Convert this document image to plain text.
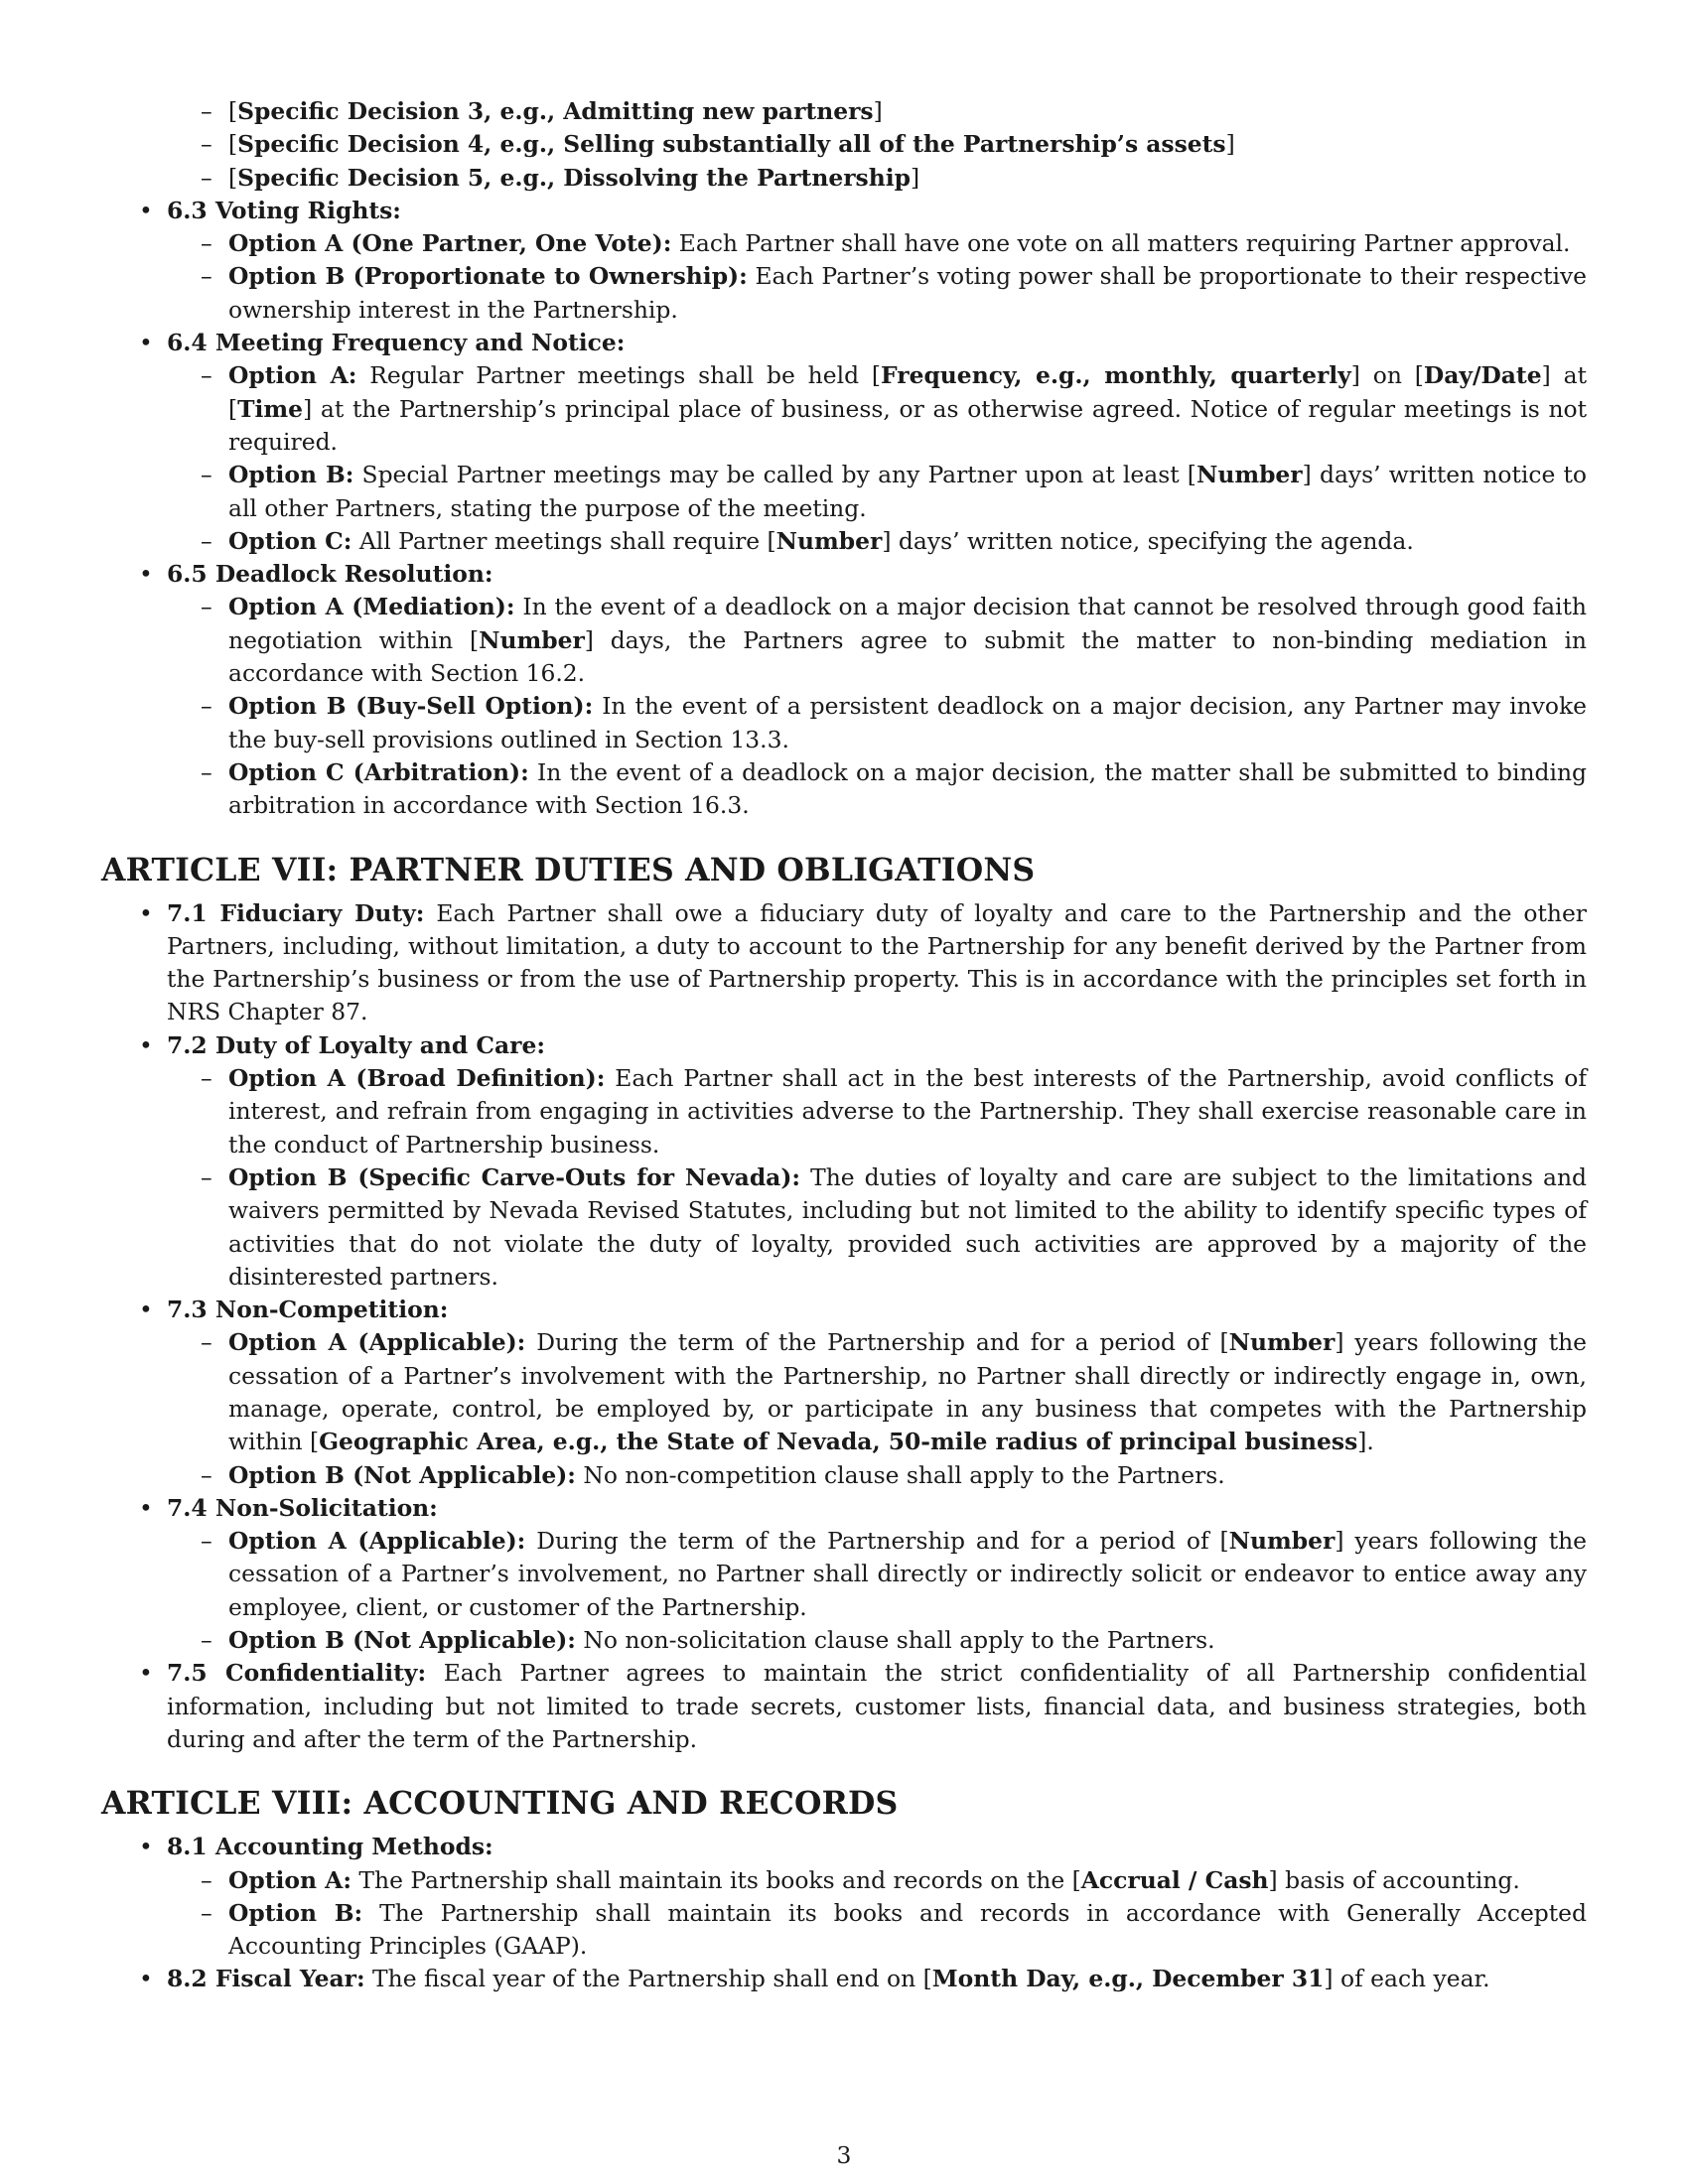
– [Specific Decision 3, e.g., Admitting new partners]
– [Specific Decision 4, e.g., Selling substantially all of the Partnership’s assets]
– [Specific Decision 5, e.g., Dissolving the Partnership]
• 6.3 Voting Rights:
– Option A (One Partner, One Vote): Each Partner shall have one vote on all matters requiring Partner approval.
– Option B (Proportionate to Ownership): Each Partner’s voting power shall be proportionate to their respective ownership interest in the Partnership.
• 6.4 Meeting Frequency and Notice:
– Option A: Regular Partner meetings shall be held [Frequency, e.g., monthly, quarterly] on [Day/Date] at [Time] at the Partnership’s principal place of business, or as otherwise agreed. Notice of regular meetings is not required.
– Option B: Special Partner meetings may be called by any Partner upon at least [Number] days’ written notice to all other Partners, stating the purpose of the meeting.
– Option C: All Partner meetings shall require [Number] days’ written notice, specifying the agenda.
• 6.5 Deadlock Resolution:
– Option A (Mediation): In the event of a deadlock on a major decision that cannot be resolved through good faith negotiation within [Number] days, the Partners agree to submit the matter to non-binding mediation in accordance with Section 16.2.
– Option B (Buy-Sell Option): In the event of a persistent deadlock on a major decision, any Partner may invoke the buy-sell provisions outlined in Section 13.3.
– Option C (Arbitration): In the event of a deadlock on a major decision, the matter shall be submitted to binding arbitration in accordance with Section 16.3.
ARTICLE VII: PARTNER DUTIES AND OBLIGATIONS
• 7.1 Fiduciary Duty: Each Partner shall owe a fiduciary duty of loyalty and care to the Partnership and the other Partners, including, without limitation, a duty to account to the Partnership for any benefit derived by the Partner from the Partnership’s business or from the use of Partnership property. This is in accordance with the principles set forth in NRS Chapter 87.
• 7.2 Duty of Loyalty and Care:
– Option A (Broad Definition): Each Partner shall act in the best interests of the Partnership, avoid conflicts of interest, and refrain from engaging in activities adverse to the Partnership. They shall exercise reasonable care in the conduct of Partnership business.
– Option B (Specific Carve-Outs for Nevada): The duties of loyalty and care are subject to the limitations and waivers permitted by Nevada Revised Statutes, including but not limited to the ability to identify specific types of activities that do not violate the duty of loyalty, provided such activities are approved by a majority of the disinterested partners.
• 7.3 Non-Competition:
– Option A (Applicable): During the term of the Partnership and for a period of [Number] years following the cessation of a Partner’s involvement with the Partnership, no Partner shall directly or indirectly engage in, own, manage, operate, control, be employed by, or participate in any business that competes with the Partnership within [Geographic Area, e.g., the State of Nevada, 50-mile radius of principal business].
– Option B (Not Applicable): No non-competition clause shall apply to the Partners.
• 7.4 Non-Solicitation:
– Option A (Applicable): During the term of the Partnership and for a period of [Number] years following the cessation of a Partner’s involvement, no Partner shall directly or indirectly solicit or endeavor to entice away any employee, client, or customer of the Partnership.
– Option B (Not Applicable): No non-solicitation clause shall apply to the Partners.
• 7.5 Confidentiality: Each Partner agrees to maintain the strict confidentiality of all Partnership confidential information, including but not limited to trade secrets, customer lists, financial data, and business strategies, both during and after the term of the Partnership.
ARTICLE VIII: ACCOUNTING AND RECORDS
• 8.1 Accounting Methods:
– Option A: The Partnership shall maintain its books and records on the [Accrual / Cash] basis of accounting.
– Option B: The Partnership shall maintain its books and records in accordance with Generally Accepted Accounting Principles (GAAP).
• 8.2 Fiscal Year: The fiscal year of the Partnership shall end on [Month Day, e.g., December 31] of each year.
3
